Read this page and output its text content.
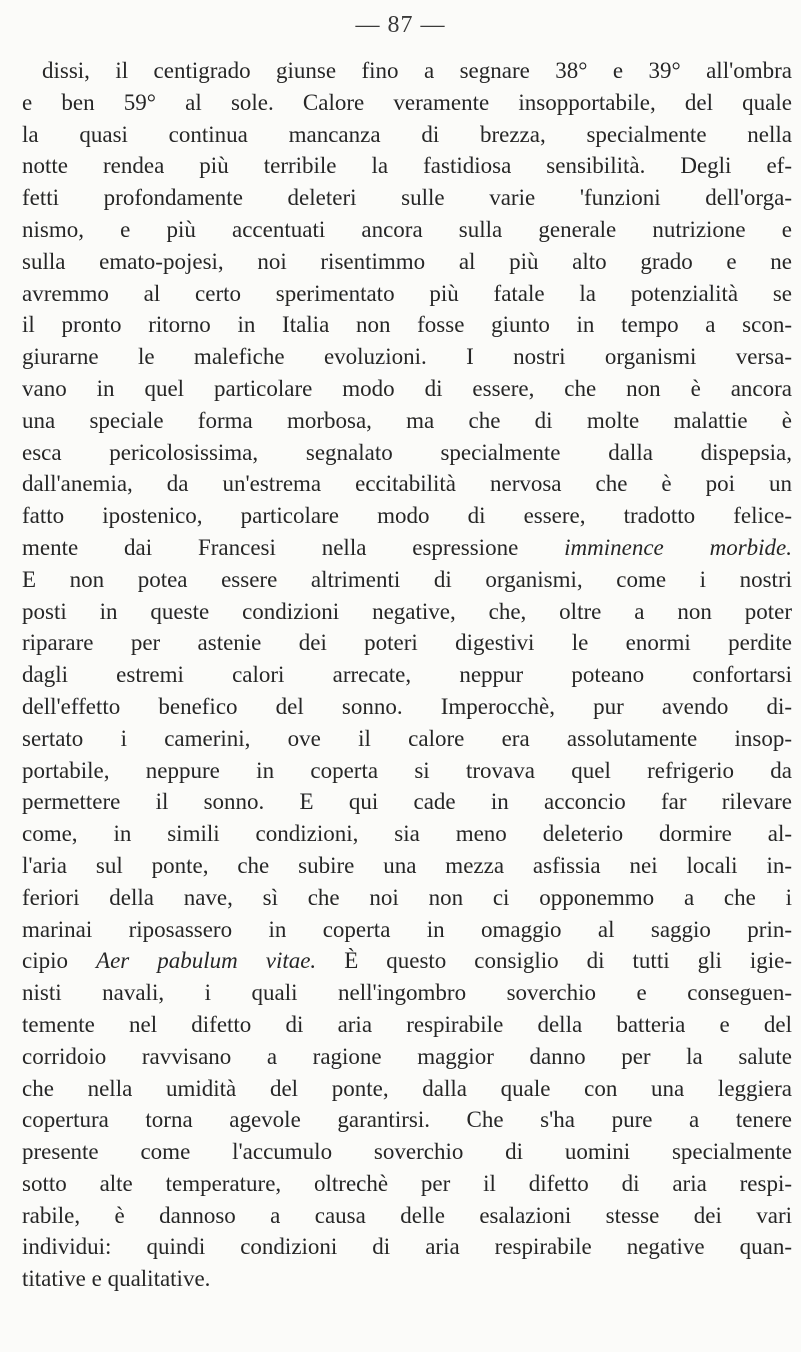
— 87 —
dissi, il centigrado giunse fino a segnare 38° e 39° all'ombra
e ben 59° al sole. Calore veramente insopportabile, del quale
la quasi continua mancanza di brezza, specialmente nella
notte rendea più terribile la fastidiosa sensibilità. Degli ef-
fetti profondamente deleteri sulle varie 'funzioni dell'orga-
nismo, e più accentuati ancora sulla generale nutrizione e
sulla emato-pojesi, noi risentimmo al più alto grado e ne
avremmo al certo sperimentato più fatale la potenzialità se
il pronto ritorno in Italia non fosse giunto in tempo a scon-
giurarne le malefiche evoluzioni. I nostri organismi versa-
vano in quel particolare modo di essere, che non è ancora
una speciale forma morbosa, ma che di molte malattie è
esca pericolosissima, segnalato specialmente dalla dispepsia,
dall'anemia, da un'estrema eccitabilità nervosa che è poi un
fatto ipostenico, particolare modo di essere, tradotto felice-
mente dai Francesi nella espressione imminence morbide.
E non potea essere altrimenti di organismi, come i nostri
posti in queste condizioni negative, che, oltre a non poter
riparare per astenie dei poteri digestivi le enormi perdite
dagli estremi calori arrecate, neppur poteano confortarsi
dell'effetto benefico del sonno. Imperocchè, pur avendo di-
sertato i camerini, ove il calore era assolutamente insop-
portabile, neppure in coperta si trovava quel refrigerio da
permettere il sonno. E qui cade in acconcio far rilevare
come, in simili condizioni, sia meno deleterio dormire al-
l'aria sul ponte, che subire una mezza asfissia nei locali in-
feriori della nave, sì che noi non ci opponemmo a che i
marinai riposassero in coperta in omaggio al saggio prin-
cipio Aer pabulum vitae. È questo consiglio di tutti gli igie-
nisti navali, i quali nell'ingombro soverchio e conseguen-
temente nel difetto di aria respirabile della batteria e del
corridoio ravvisano a ragione maggior danno per la salute
che nella umidità del ponte, dalla quale con una leggiera
copertura torna agevole garantirsi. Che s'ha pure a tenere
presente come l'accumulo soverchio di uomini specialmente
sotto alte temperature, oltrechè per il difetto di aria respi-
rabile, è dannoso a causa delle esalazioni stesse dei vari
individui: quindi condizioni di aria respirabile negative quan-
titative e qualitative.
